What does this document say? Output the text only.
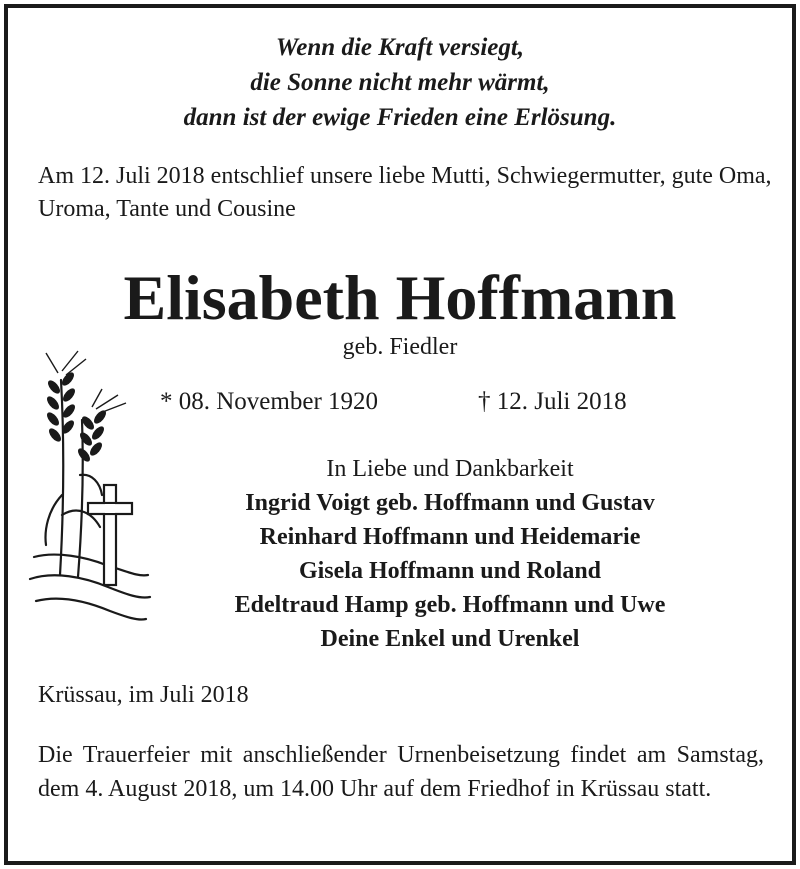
Wenn die Kraft versiegt,
die Sonne nicht mehr wärmt,
dann ist der ewige Frieden eine Erlösung.
Am 12. Juli 2018 entschlief unsere liebe Mutti, Schwiegermutter, gute Oma, Uroma, Tante und Cousine
Elisabeth Hoffmann
geb. Fiedler
* 08. November 1920	† 12. Juli 2018
In Liebe und Dankbarkeit
Ingrid Voigt geb. Hoffmann und Gustav
Reinhard Hoffmann und Heidemarie
Gisela Hoffmann und Roland
Edeltraud Hamp geb. Hoffmann und Uwe
Deine Enkel und Urenkel
Krüssau, im Juli 2018
Die Trauerfeier mit anschließender Urnenbeisetzung findet am Samstag, dem 4. August 2018, um 14.00 Uhr auf dem Friedhof in Krüssau statt.
